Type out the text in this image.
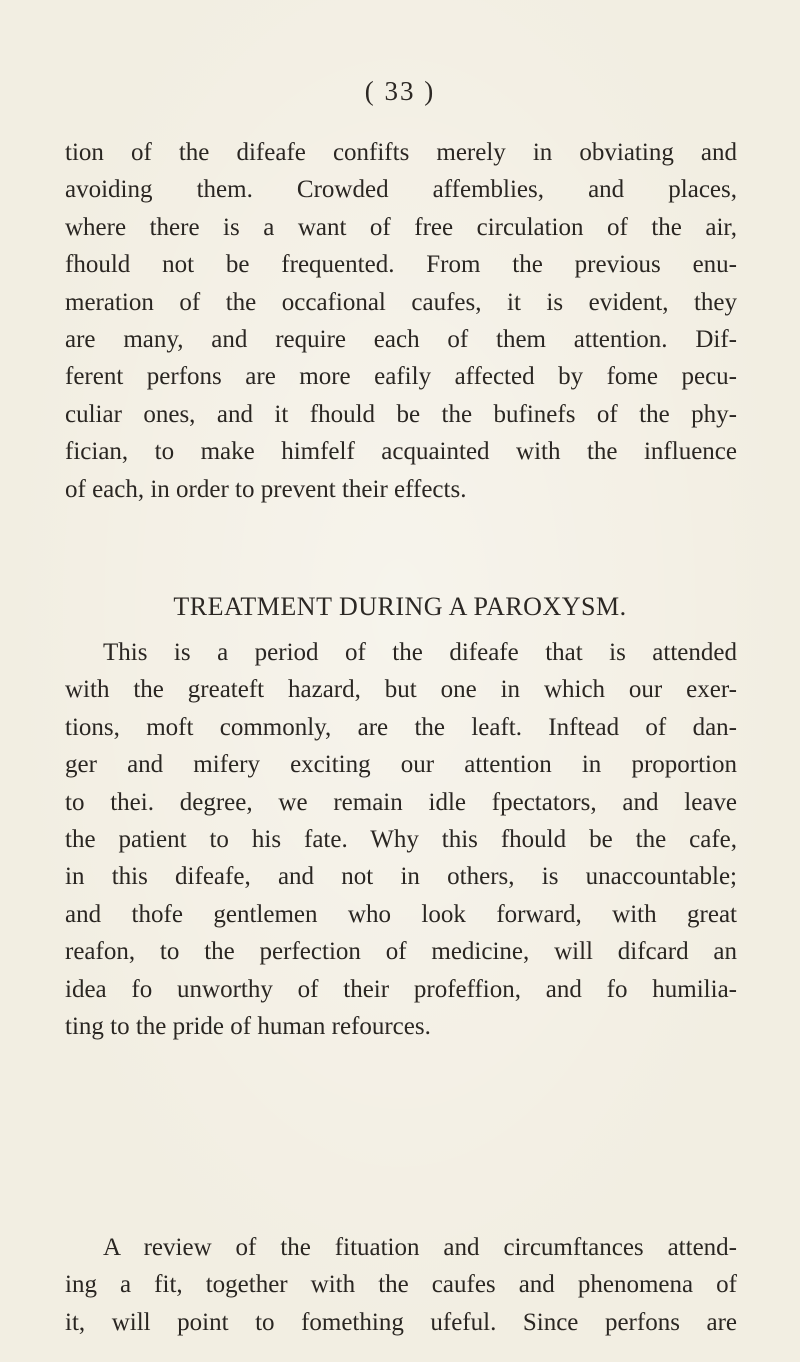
( 33 )
tion of the difeafe confifts merely in obviating and
avoiding them. Crowded affemblies, and places,
where there is a want of free circulation of the air,
fhould not be frequented. From the previous enu-
meration of the occafional caufes, it is evident, they
are many, and require each of them attention. Dif-
ferent perfons are more eafily affected by fome pecu-
culiar ones, and it fhould be the bufinefs of the phy-
fician, to make himfelf acquainted with the influence
of each, in order to prevent their effects.
TREATMENT DURING A PAROXYSM.
This is a period of the difeafe that is attended
with the greateft hazard, but one in which our exer-
tions, moft commonly, are the leaft. Inftead of dan-
ger and mifery exciting our attention in proportion
to thei. degree, we remain idle fpectators, and leave
the patient to his fate. Why this fhould be the cafe,
in this difeafe, and not in others, is unaccountable;
and thofe gentlemen who look forward, with great
reafon, to the perfection of medicine, will difcard an
idea fo unworthy of their profeffion, and fo humilia-
ting to the pride of human refources.
A review of the fituation and circumftances attend-
ing a fit, together with the caufes and phenomena of
it, will point to fomething ufeful. Since perfons are
